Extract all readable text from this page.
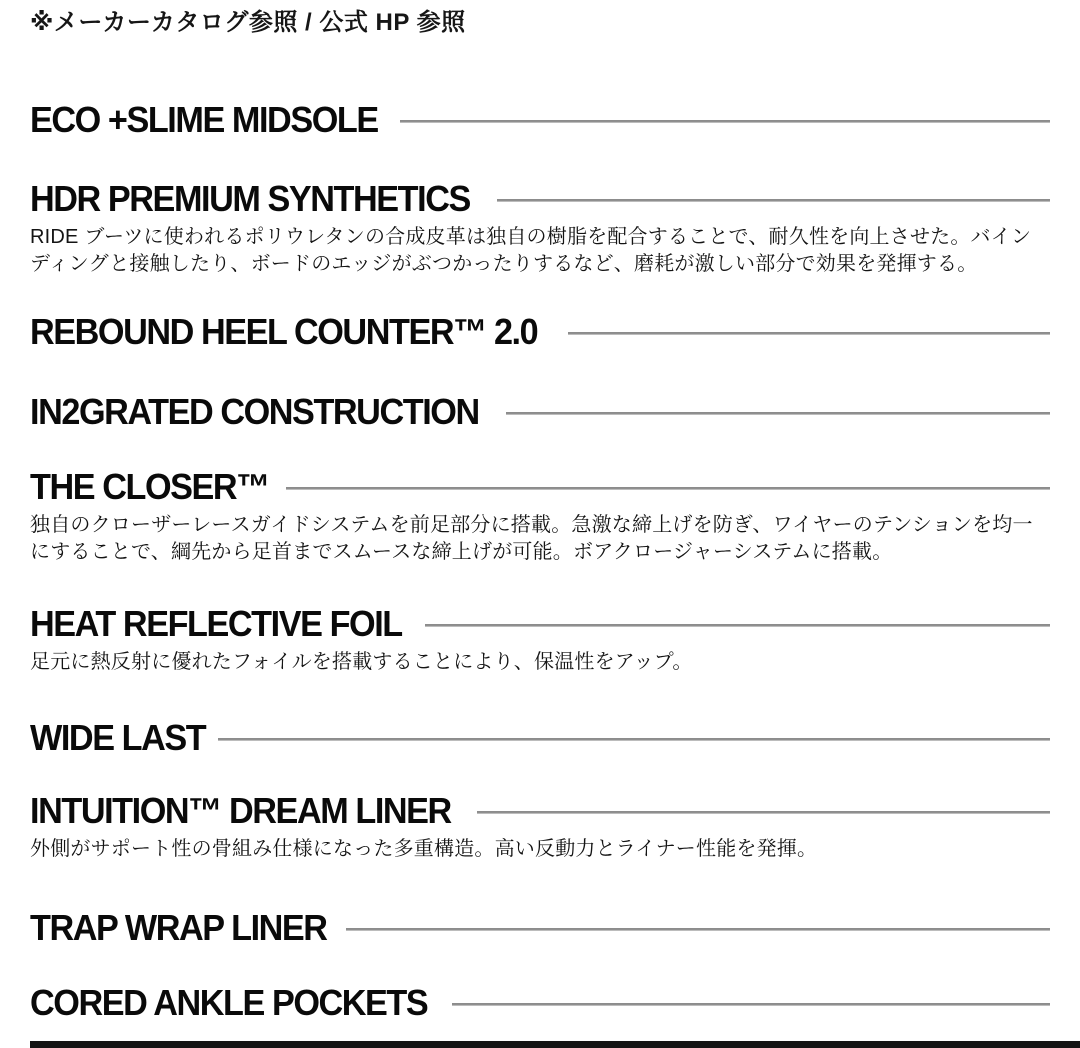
※メーカーカタログ参照 / 公式 HP 参照

ECO +SLIME MIDSOLE
HDR PREMIUM SYNTHETICS

RIDE ブーツに使われるポリウレタンの合成皮革は独自の樹脂を配合することで、耐久性を向上させた。バインディングと接触したり、ボードのエッジがぶつかったりするなど、磨耗が激しい部分で効果を発揮する。

REBOUND HEEL COUNTER™ 2.0
IN2GRATED CONSTRUCTION
THE CLOSER™

独自のクローザーレースガイドシステムを前足部分に搭載。急激な締上げを防ぎ、ワイヤーのテンションを均一にすることで、綱先から足首までスムースな締上げが可能。ボアクロージャーシステムに搭載。

HEAT REFLECTIVE FOIL

足元に熱反射に優れたフォイルを搭載することにより、保温性をアップ。

WIDE LAST
INTUITION™ DREAM LINER

外側がサポート性の骨組み仕様になった多重構造。高い反動力とライナー性能を発揮。

TRAP WRAP LINER
CORED ANKLE POCKETS
